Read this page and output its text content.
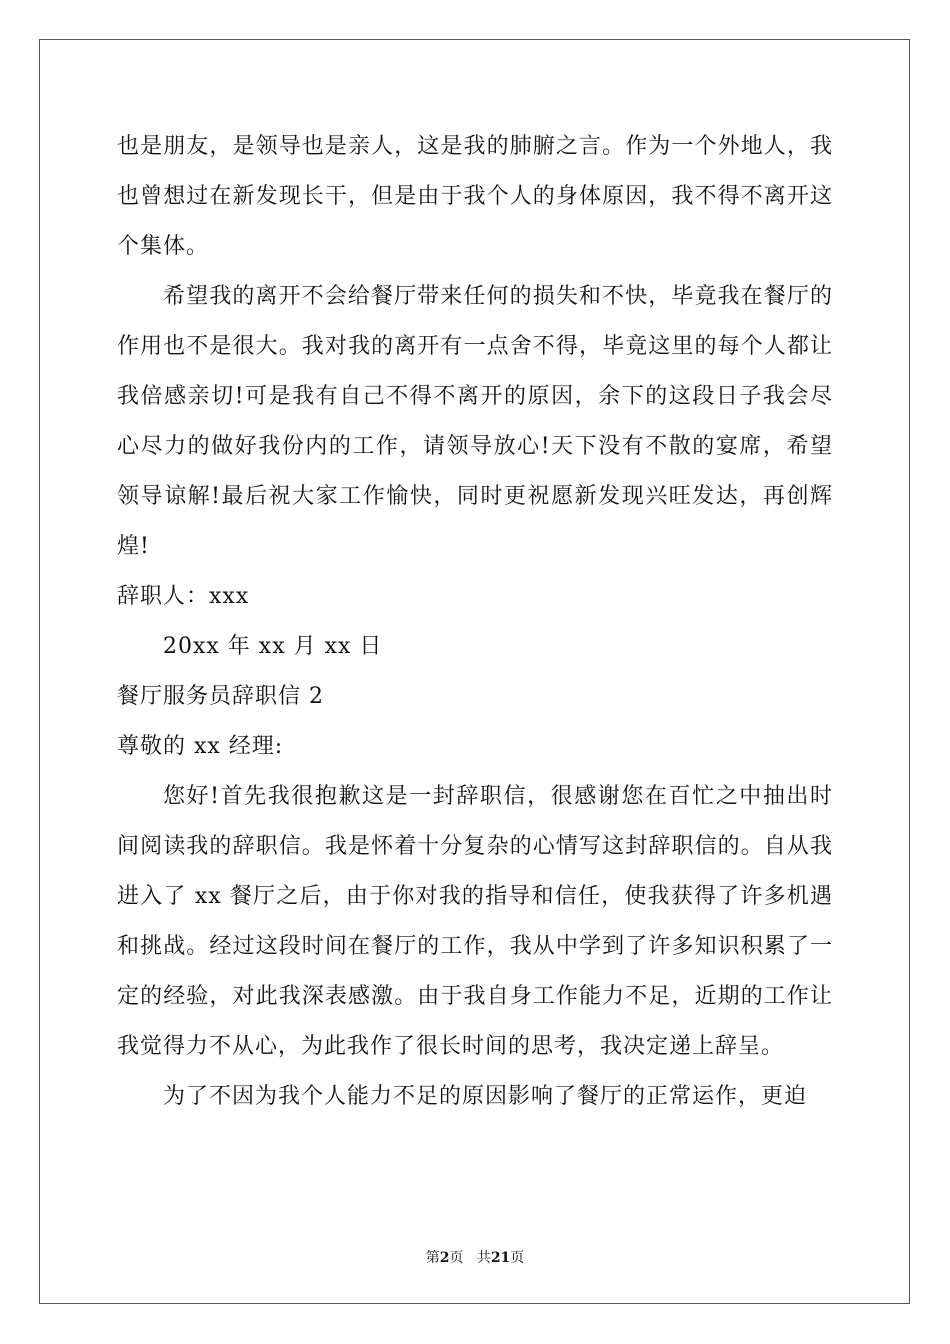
也是朋友，是领导也是亲人，这是我的肺腑之言。作为一个外地人，我也曾想过在新发现长干，但是由于我个人的身体原因，我不得不离开这个集体。

希望我的离开不会给餐厅带来任何的损失和不快，毕竟我在餐厅的作用也不是很大。我对我的离开有一点舍不得，毕竟这里的每个人都让我倍感亲切!可是我有自己不得不离开的原因，余下的这段日子我会尽心尽力的做好我份内的工作，请领导放心!天下没有不散的宴席，希望领导谅解!最后祝大家工作愉快，同时更祝愿新发现兴旺发达，再创辉煌!

辞职人：xxx

20xx 年 xx 月 xx 日

餐厅服务员辞职信 2

尊敬的 xx 经理:

您好!首先我很抱歉这是一封辞职信，很感谢您在百忙之中抽出时间阅读我的辞职信。我是怀着十分复杂的心情写这封辞职信的。自从我进入了 xx 餐厅之后，由于你对我的指导和信任，使我获得了许多机遇和挑战。经过这段时间在餐厅的工作，我从中学到了许多知识积累了一定的经验，对此我深表感激。由于我自身工作能力不足，近期的工作让我觉得力不从心，为此我作了很长时间的思考，我决定递上辞呈。

为了不因为我个人能力不足的原因影响了餐厅的正常运作，更迫

第2页 共21页
